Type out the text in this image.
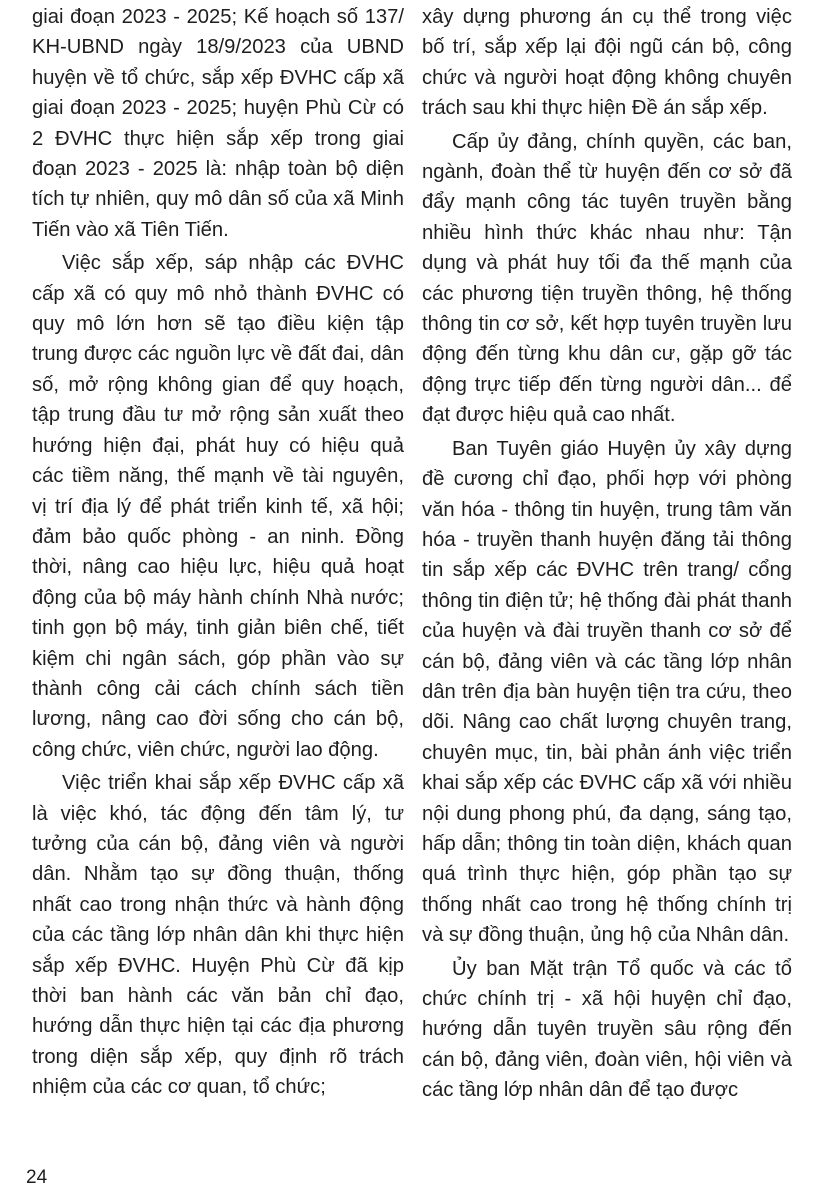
giai đoạn 2023 - 2025; Kế hoạch số 137/ KH-UBND ngày 18/9/2023 của UBND huyện về tổ chức, sắp xếp ĐVHC cấp xã giai đoạn 2023 - 2025; huyện Phù Cừ có 2 ĐVHC thực hiện sắp xếp trong giai đoạn 2023 - 2025 là: nhập toàn bộ diện tích tự nhiên, quy mô dân số của xã Minh Tiến vào xã Tiên Tiến.

Việc sắp xếp, sáp nhập các ĐVHC cấp xã có quy mô nhỏ thành ĐVHC có quy mô lớn hơn sẽ tạo điều kiện tập trung được các nguồn lực về đất đai, dân số, mở rộng không gian để quy hoạch, tập trung đầu tư mở rộng sản xuất theo hướng hiện đại, phát huy có hiệu quả các tiềm năng, thế mạnh về tài nguyên, vị trí địa lý để phát triển kinh tế, xã hội; đảm bảo quốc phòng - an ninh. Đồng thời, nâng cao hiệu lực, hiệu quả hoạt động của bộ máy hành chính Nhà nước; tinh gọn bộ máy, tinh giản biên chế, tiết kiệm chi ngân sách, góp phần vào sự thành công cải cách chính sách tiền lương, nâng cao đời sống cho cán bộ, công chức, viên chức, người lao động.

Việc triển khai sắp xếp ĐVHC cấp xã là việc khó, tác động đến tâm lý, tư tưởng của cán bộ, đảng viên và người dân. Nhằm tạo sự đồng thuận, thống nhất cao trong nhận thức và hành động của các tầng lớp nhân dân khi thực hiện sắp xếp ĐVHC. Huyện Phù Cừ đã kịp thời ban hành các văn bản chỉ đạo, hướng dẫn thực hiện tại các địa phương trong diện sắp xếp, quy định rõ trách nhiệm của các cơ quan, tổ chức;

xây dựng phương án cụ thể trong việc bố trí, sắp xếp lại đội ngũ cán bộ, công chức và người hoạt động không chuyên trách sau khi thực hiện Đề án sắp xếp.

Cấp ủy đảng, chính quyền, các ban, ngành, đoàn thể từ huyện đến cơ sở đã đẩy mạnh công tác tuyên truyền bằng nhiều hình thức khác nhau như: Tận dụng và phát huy tối đa thế mạnh của các phương tiện truyền thông, hệ thống thông tin cơ sở, kết hợp tuyên truyền lưu động đến từng khu dân cư, gặp gỡ tác động trực tiếp đến từng người dân... để đạt được hiệu quả cao nhất.

Ban Tuyên giáo Huyện ủy xây dựng đề cương chỉ đạo, phối hợp với phòng văn hóa - thông tin huyện, trung tâm văn hóa - truyền thanh huyện đăng tải thông tin sắp xếp các ĐVHC trên trang/ cổng thông tin điện tử; hệ thống đài phát thanh của huyện và đài truyền thanh cơ sở để cán bộ, đảng viên và các tầng lớp nhân dân trên địa bàn huyện tiện tra cứu, theo dõi. Nâng cao chất lượng chuyên trang, chuyên mục, tin, bài phản ánh việc triển khai sắp xếp các ĐVHC cấp xã với nhiều nội dung phong phú, đa dạng, sáng tạo, hấp dẫn; thông tin toàn diện, khách quan quá trình thực hiện, góp phần tạo sự thống nhất cao trong hệ thống chính trị và sự đồng thuận, ủng hộ của Nhân dân.

Ủy ban Mặt trận Tổ quốc và các tổ chức chính trị - xã hội huyện chỉ đạo, hướng dẫn tuyên truyền sâu rộng đến cán bộ, đảng viên, đoàn viên, hội viên và các tầng lớp nhân dân để tạo được

24
